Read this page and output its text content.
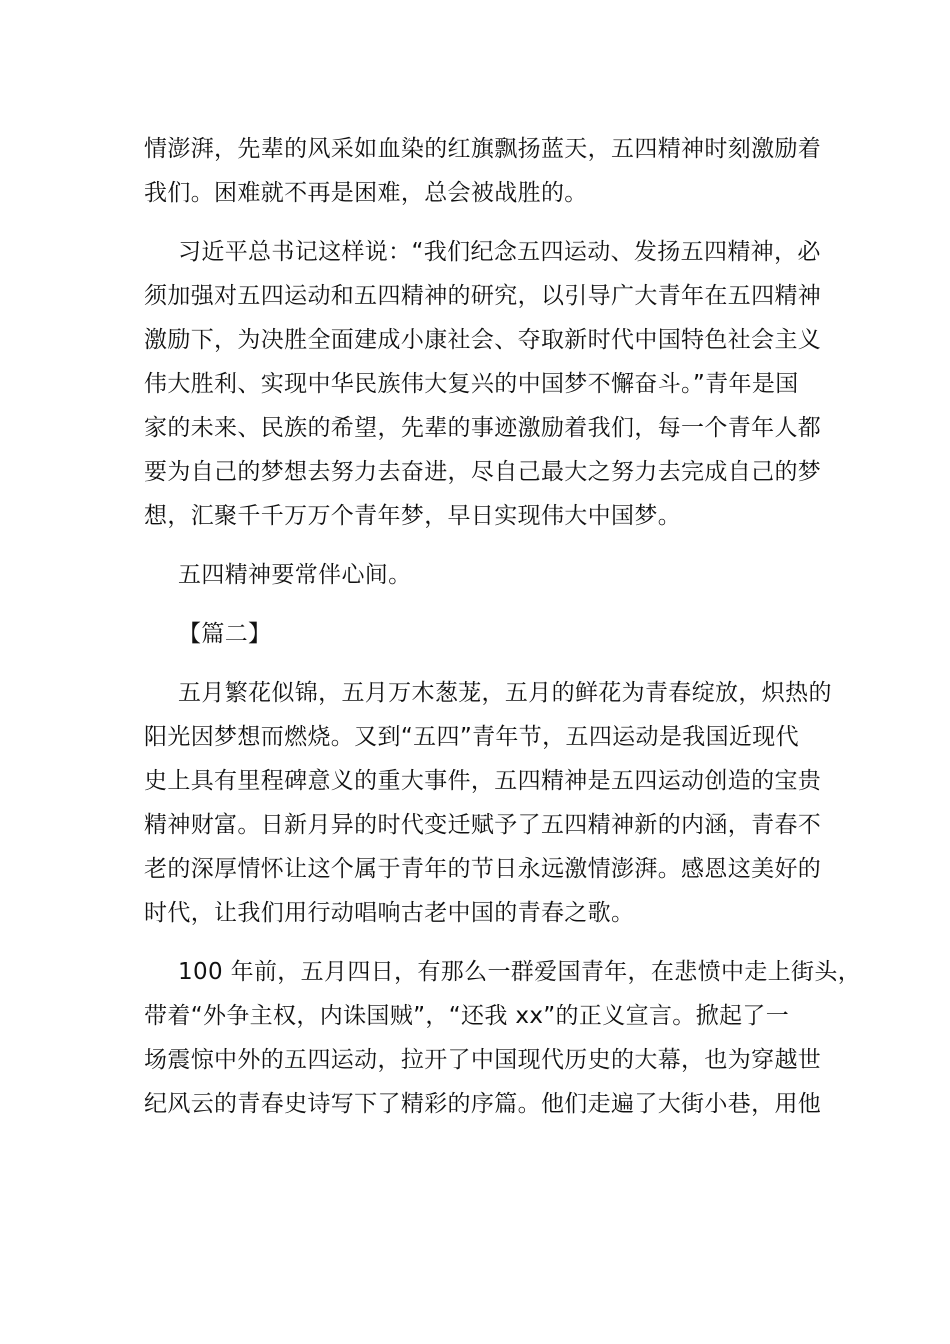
情澎湃，先辈的风采如血染的红旗飘扬蓝天，五四精神时刻激励着
我们。困难就不再是困难，总会被战胜的。
习近平总书记这样说：“我们纪念五四运动、发扬五四精神，必
须加强对五四运动和五四精神的研究，以引导广大青年在五四精神
激励下，为决胜全面建成小康社会、夺取新时代中国特色社会主义
伟大胜利、实现中华民族伟大复兴的中国梦不懈奋斗。”青年是国
家的未来、民族的希望，先辈的事迹激励着我们，每一个青年人都
要为自己的梦想去努力去奋进，尽自己最大之努力去完成自己的梦
想，汇聚千千万万个青年梦，早日实现伟大中国梦。
五四精神要常伴心间。
【篇二】
五月繁花似锦，五月万木葱茏，五月的鲜花为青春绽放，炽热的
阳光因梦想而燃烧。又到“五四”青年节，五四运动是我国近现代
史上具有里程碑意义的重大事件，五四精神是五四运动创造的宝贵
精神财富。日新月异的时代变迁赋予了五四精神新的内涵，青春不
老的深厚情怀让这个属于青年的节日永远激情澎湃。感恩这美好的
时代，让我们用行动唱响古老中国的青春之歌。
100 年前，五月四日，有那么一群爱国青年，在悲愤中走上街头，
带着“外争主权，内诛国贼”，“还我 xx”的正义宣言。掀起了一
场震惊中外的五四运动，拉开了中国现代历史的大幕，也为穿越世
纪风云的青春史诗写下了精彩的序篇。他们走遍了大街小巷，用他
